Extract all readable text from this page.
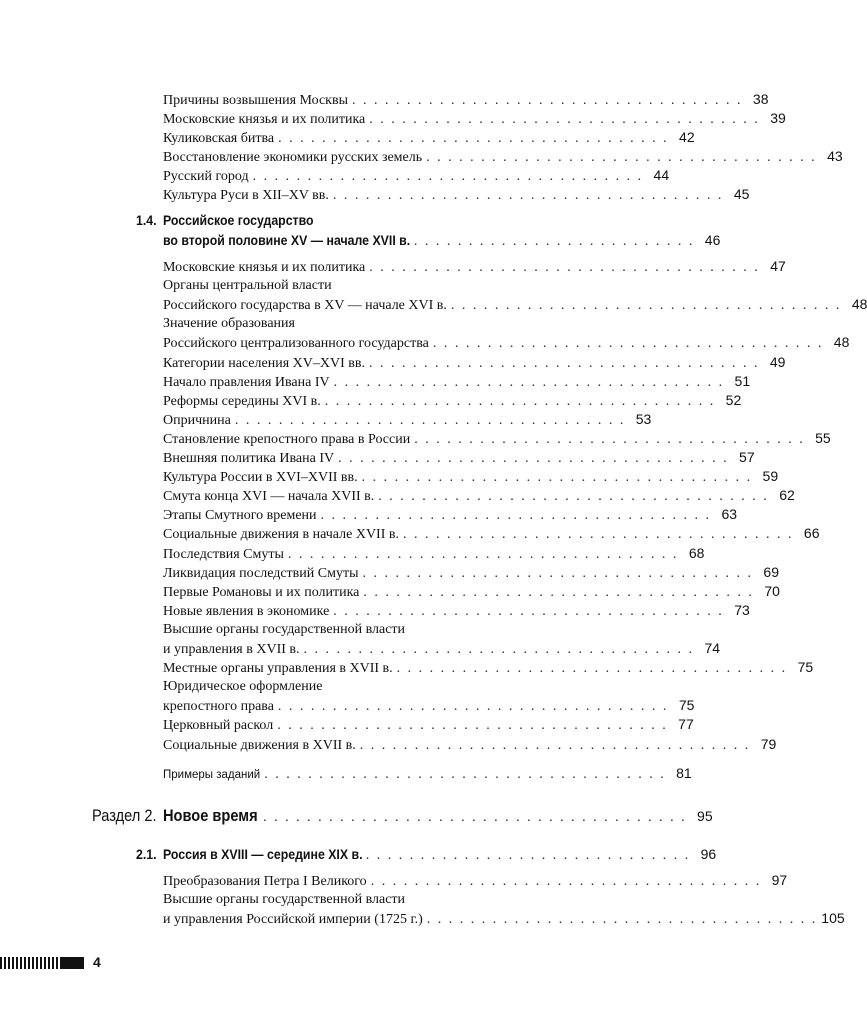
Причины возвышения Москвы . . . . . . . . . . . . . . . . . . . . . . . . . . . . . . . . . . . . 38
Московские князья и их политика . . . . . . . . . . . . . . . . . . . . . . . . . . . . . . . . . . . . 39
Куликовская битва . . . . . . . . . . . . . . . . . . . . . . . . . . . . . . . . . . . . 42
Восстановление экономики русских земель . . . . . . . . . . . . . . . . . . . . . . . . . . . . . . . . . . . . 43
Русский город . . . . . . . . . . . . . . . . . . . . . . . . . . . . . . . . . . . . 44
Культура Руси в XII–XV вв. . . . . . . . . . . . . . . . . . . . . . . . . . . . . . . . . . . . . 45
Московские князья и их политика . . . . . . . . . . . . . . . . . . . . . . . . . . . . . . . . . . . . 47
Органы центральной власти
Российского государства в XV — начале XVI в. . . . . . . . . . . . . . . . . . . . . . . . . . . . . . . . . . . . . 48
Значение образования
Российского централизованного государства . . . . . . . . . . . . . . . . . . . . . . . . . . . . . . . . . . . . 48
Категории населения XV–XVI вв. . . . . . . . . . . . . . . . . . . . . . . . . . . . . . . . . . . . . 49
Начало правления Ивана IV . . . . . . . . . . . . . . . . . . . . . . . . . . . . . . . . . . . . 51
Реформы середины XVI в. . . . . . . . . . . . . . . . . . . . . . . . . . . . . . . . . . . . . 52
Опричнина . . . . . . . . . . . . . . . . . . . . . . . . . . . . . . . . . . . . 53
Становление крепостного права в России . . . . . . . . . . . . . . . . . . . . . . . . . . . . . . . . . . . . 55
Внешняя политика Ивана IV . . . . . . . . . . . . . . . . . . . . . . . . . . . . . . . . . . . . 57
Культура России в XVI–XVII вв. . . . . . . . . . . . . . . . . . . . . . . . . . . . . . . . . . . . . 59
Смута конца XVI — начала XVII в. . . . . . . . . . . . . . . . . . . . . . . . . . . . . . . . . . . . . 62
Этапы Смутного времени . . . . . . . . . . . . . . . . . . . . . . . . . . . . . . . . . . . . 63
Социальные движения в начале XVII в. . . . . . . . . . . . . . . . . . . . . . . . . . . . . . . . . . . . . 66
Последствия Смуты . . . . . . . . . . . . . . . . . . . . . . . . . . . . . . . . . . . . 68
Ликвидация последствий Смуты . . . . . . . . . . . . . . . . . . . . . . . . . . . . . . . . . . . . 69
Первые Романовы и их политика . . . . . . . . . . . . . . . . . . . . . . . . . . . . . . . . . . . . 70
Новые явления в экономике . . . . . . . . . . . . . . . . . . . . . . . . . . . . . . . . . . . . 73
Высшие органы государственной власти
и управления в XVII в. . . . . . . . . . . . . . . . . . . . . . . . . . . . . . . . . . . . . 74
Местные органы управления в XVII в. . . . . . . . . . . . . . . . . . . . . . . . . . . . . . . . . . . . . 75
Юридическое оформление
крепостного права . . . . . . . . . . . . . . . . . . . . . . . . . . . . . . . . . . . . 75
Церковный раскол . . . . . . . . . . . . . . . . . . . . . . . . . . . . . . . . . . . . 77
Социальные движения в XVII в. . . . . . . . . . . . . . . . . . . . . . . . . . . . . . . . . . . . . 79
Преобразования Петра I Великого . . . . . . . . . . . . . . . . . . . . . . . . . . . . . . . . . . . . 97
Высшие органы государственной власти
и управления Российской империи (1725 г.) . . . . . . . . . . . . . . . . . . . . . . . . . . . . . . . . . . . . 105
1.4. Российское государство
во второй половине XV — начале XVII в. . . . . . . . . . . . . . . . . . . . . . . . . . . 46
Примеры заданий . . . . . . . . . . . . . . . . . . . . . . . . . . . . . . . . . . . . . 81
Раздел 2. Новое время . . . . . . . . . . . . . . . . . . . . . . . . . . . . . . . . . . . . . . . 95
2.1. Россия в XVIII — середине XIX в. . . . . . . . . . . . . . . . . . . . . . . . . . . . . . . 96
4
